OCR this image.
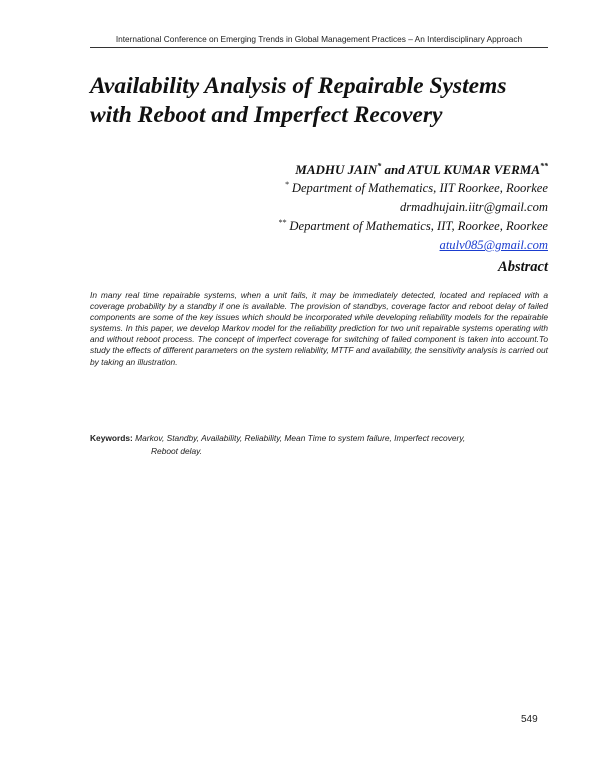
International Conference on Emerging Trends in Global Management Practices – An Interdisciplinary Approach
Availability Analysis of Repairable Systems
with Reboot and Imperfect Recovery
MADHU JAIN* and ATUL KUMAR VERMA**
* Department of Mathematics, IIT Roorkee, Roorkee
drmadhujain.iitr@gmail.com
** Department of Mathematics, IIT, Roorkee, Roorkee
atulv085@gmail.com
Abstract
In many real time repairable systems, when a unit fails, it may be immediately detected, located and replaced with a coverage probability by a standby if one is available. The provision of standbys, coverage factor and reboot delay of failed components are some of the key issues which should be incorporated while developing reliability models for the repairable systems. In this paper, we develop Markov model for the reliability prediction for two unit repairable systems operating with and without reboot process. The concept of imperfect coverage for switching of failed component is taken into account.To study the effects of different parameters on the system reliability, MTTF and availability, the sensitivity analysis is carried out by taking an illustration.
Keywords: Markov, Standby, Availability, Reliability, Mean Time to system failure, Imperfect recovery,
Reboot delay.
549
